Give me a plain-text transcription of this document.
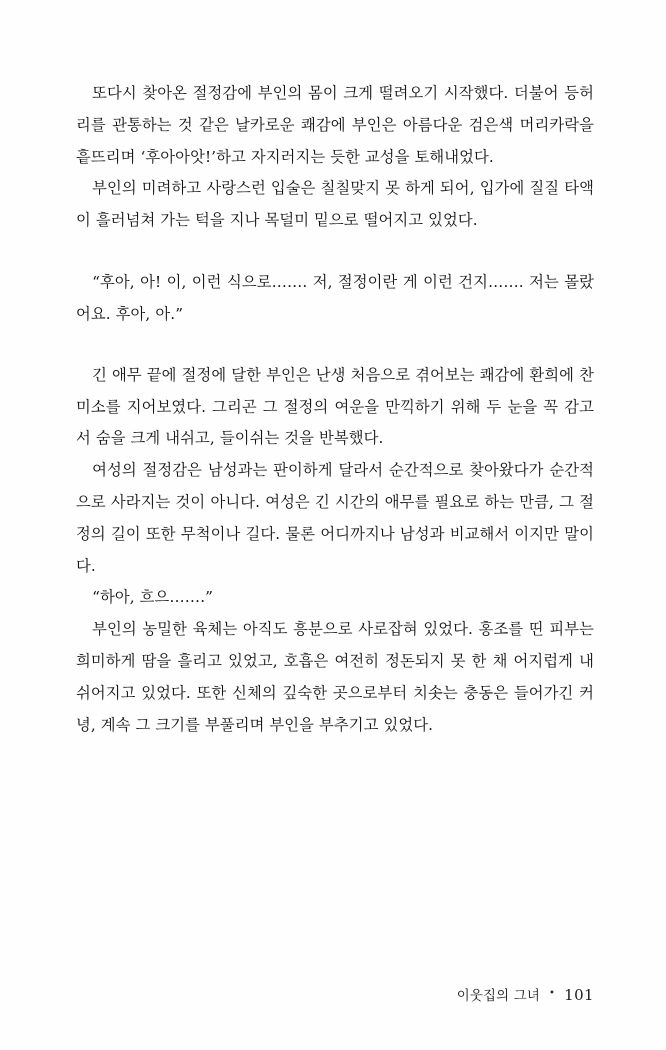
또다시 찾아온 절정감에 부인의 몸이 크게 떨려오기 시작했다. 더불어 등허리를 관통하는 것 같은 날카로운 쾌감에 부인은 아름다운 검은색 머리카락을 흩뜨리며 ‘후아아앗!’하고 자지러지는 듯한 교성을 토해내었다.

부인의 미려하고 사랑스런 입술은 칠칠맞지 못 하게 되어, 입가에 질질 타액이 흘러넘쳐 가는 턱을 지나 목덜미 밑으로 떨어지고 있었다.

“후아, 아! 이, 이런 식으로……. 저, 절정이란 게 이런 건지……. 저는 몰랐어요. 후아, 아.”

긴 애무 끝에 절정에 달한 부인은 난생 처음으로 겪어보는 쾌감에 환희에 찬 미소를 지어보였다. 그리곤 그 절정의 여운을 만끽하기 위해 두 눈을 꼭 감고서 숨을 크게 내쉬고, 들이쉬는 것을 반복했다.

여성의 절정감은 남성과는 판이하게 달라서 순간적으로 찾아왔다가 순간적으로 사라지는 것이 아니다. 여성은 긴 시간의 애무를 필요로 하는 만큼, 그 절정의 길이 또한 무척이나 길다. 물론 어디까지나 남성과 비교해서 이지만 말이다.

“하아, 흐으…….”

부인의 농밀한 육체는 아직도 흥분으로 사로잡혀 있었다. 홍조를 띤 피부는 희미하게 땀을 흘리고 있었고, 호흡은 여전히 정돈되지 못 한 채 어지럽게 내쉬어지고 있었다. 또한 신체의 깊숙한 곳으로부터 치솟는 충동은 들어가긴 커녕, 계속 그 크기를 부풀리며 부인을 부추기고 있었다.

이웃집의 그녀 • 101
